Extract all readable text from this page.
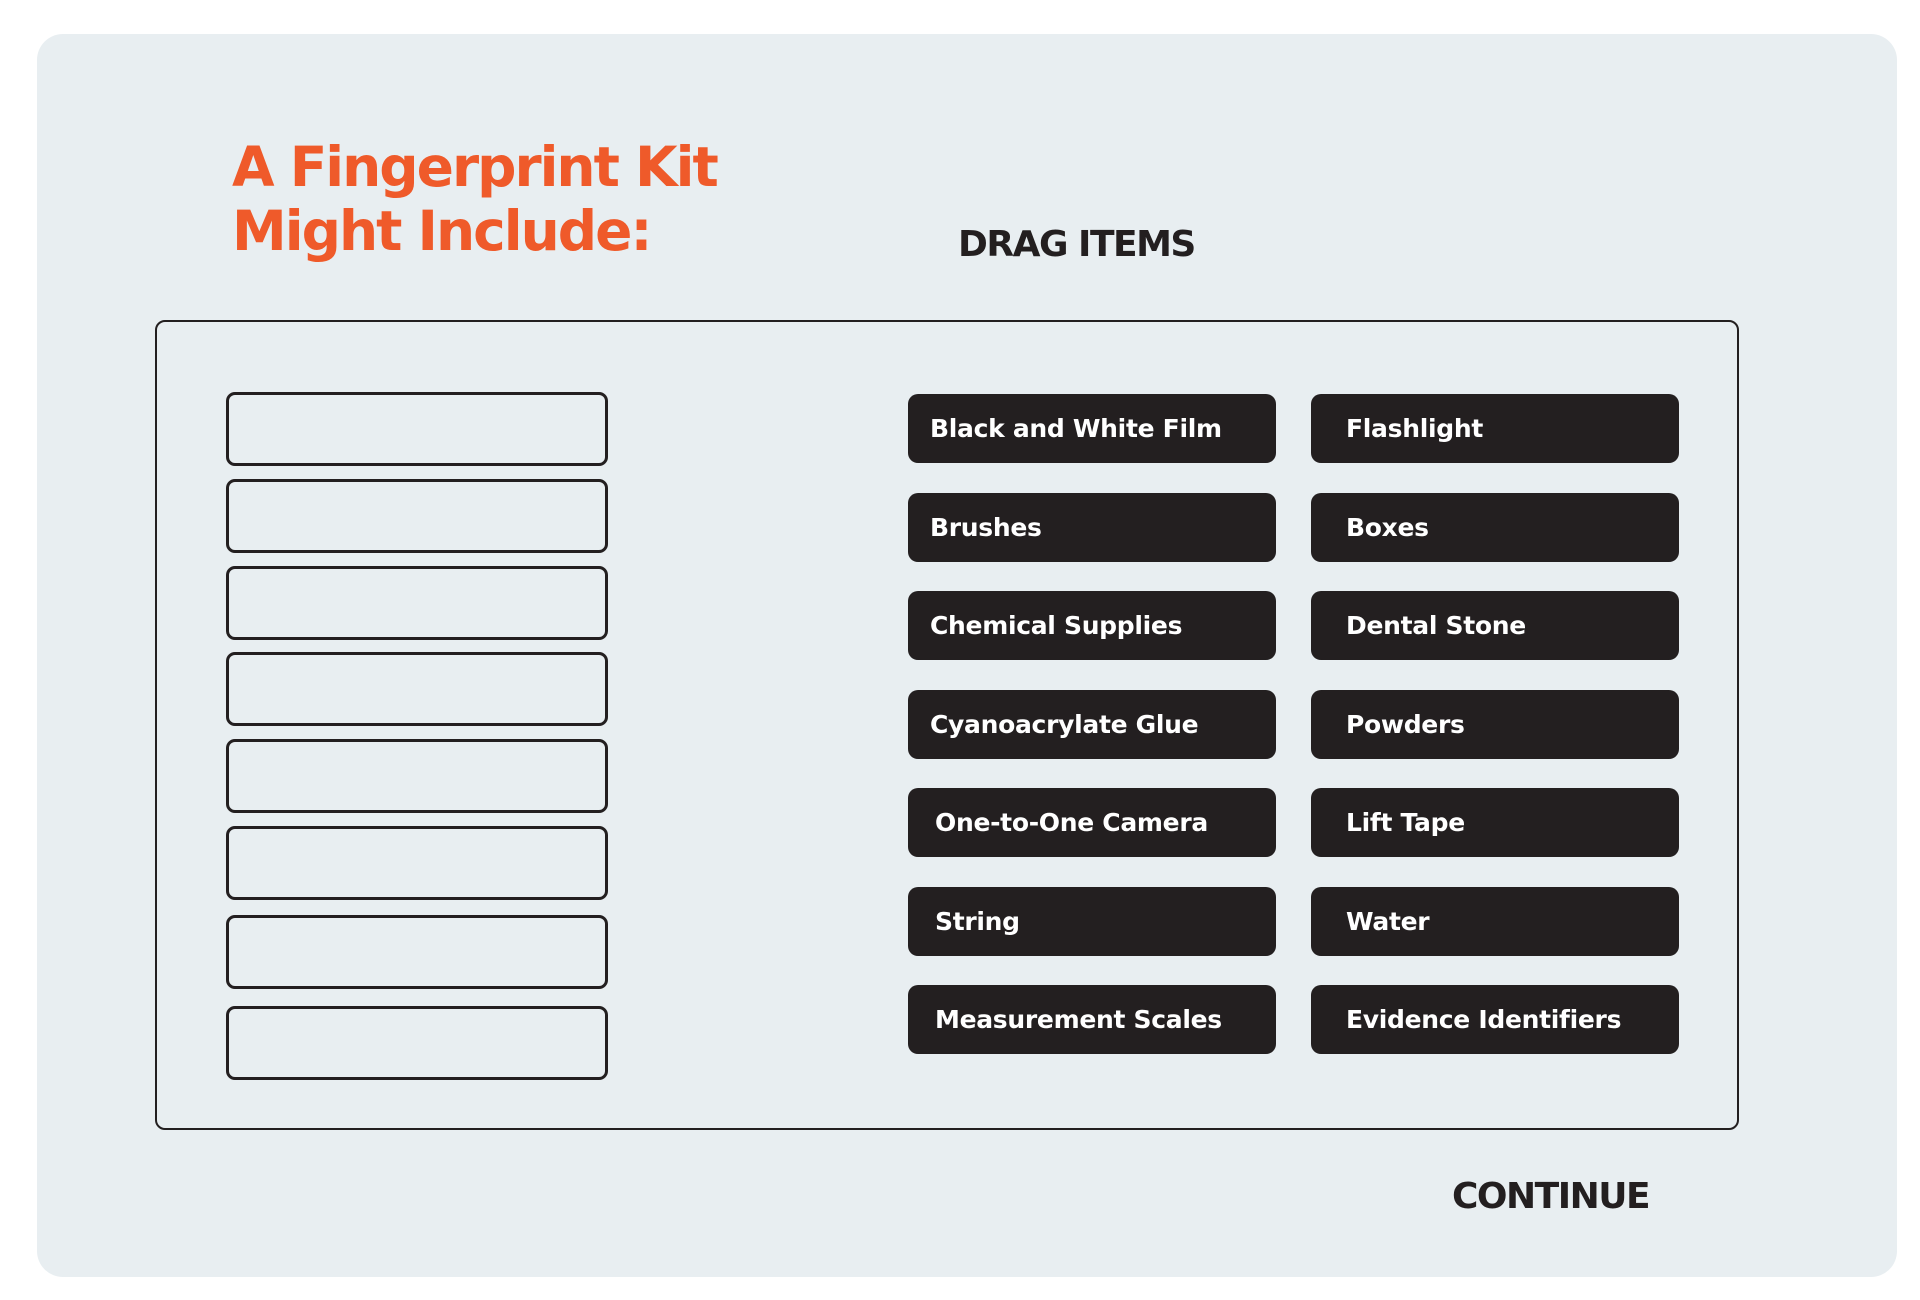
A Fingerprint Kit
Might Include:	DRAG ITEMS
Black and White Film	Flashlight
Brushes	Boxes
Chemical Supplies	Dental Stone
Cyanoacrylate Glue	Powders
One-to-One Camera	Lift Tape
String	Water
Measurement Scales	Evidence Identifiers
CONTINUE
